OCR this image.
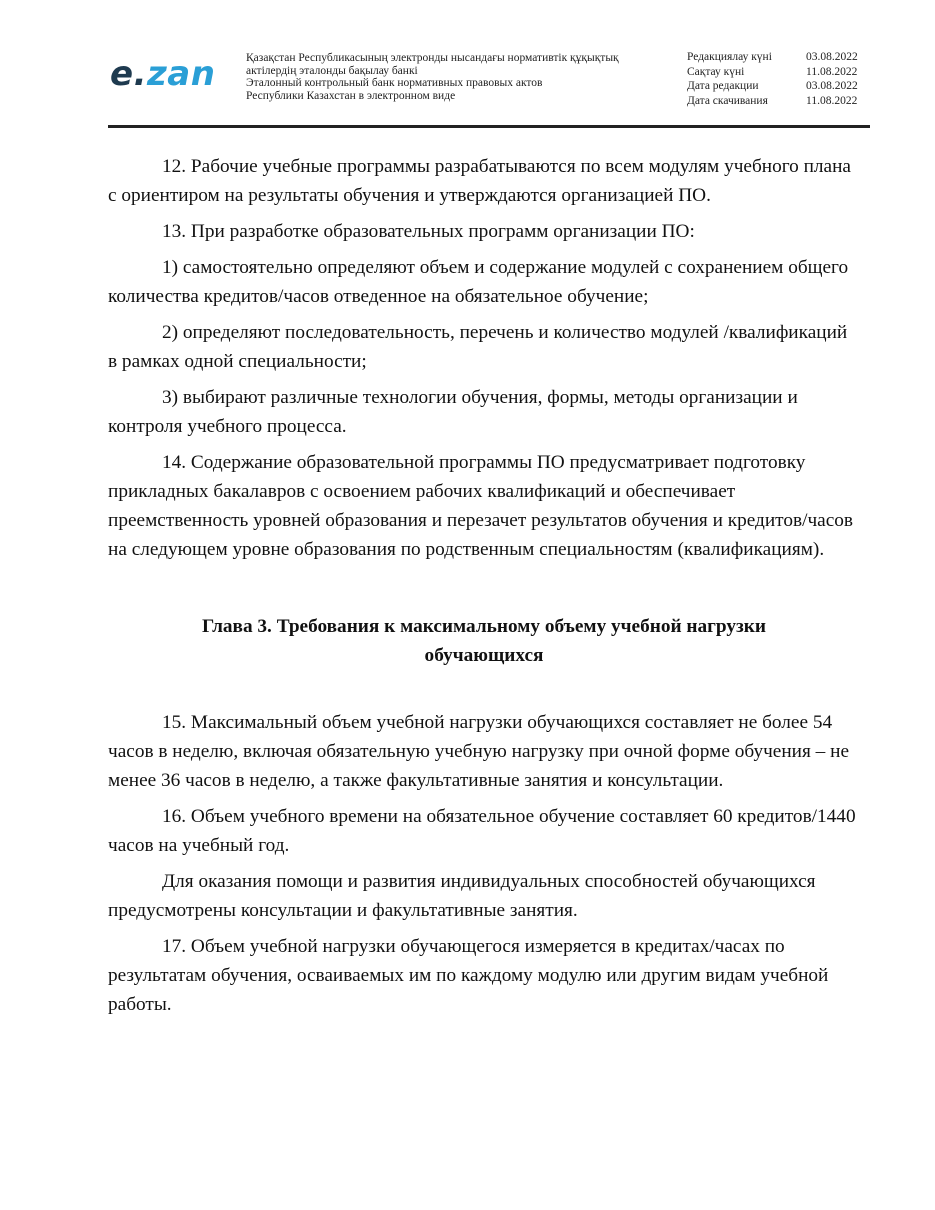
e.zan	Қазақстан Республикасының электронды нысандағы нормативтік құқықтық
актілердің эталонды бақылау банкі
Эталонный контрольный банк нормативных правовых актов
Республики Казахстан в электронном виде
Редакциялау күні	03.08.2022
Сақтау күні	11.08.2022
Дата редакции	03.08.2022
Дата скачивания	11.08.2022

12. Рабочие учебные программы разрабатываются по всем модулям учебного плана с ориентиром на результаты обучения и утверждаются организацией ПО.

13. При разработке образовательных программ организации ПО:

1) самостоятельно определяют объем и содержание модулей с сохранением общего количества кредитов/часов отведенное на обязательное обучение;

2) определяют последовательность, перечень и количество модулей /квалификаций в рамках одной специальности;

3) выбирают различные технологии обучения, формы, методы организации и контроля учебного процесса.

14. Содержание образовательной программы ПО предусматривает подготовку прикладных бакалавров с освоением рабочих квалификаций и обеспечивает преемственность уровней образования и перезачет результатов обучения и кредитов/часов на следующем уровне образования по родственным специальностям (квалификациям).

Глава 3. Требования к максимальному объему учебной нагрузки
обучающихся

15. Максимальный объем учебной нагрузки обучающихся составляет не более 54 часов в неделю, включая обязательную учебную нагрузку при очной форме обучения – не менее 36 часов в неделю, а также факультативные занятия и консультации.

16. Объем учебного времени на обязательное обучение составляет 60 кредитов/1440 часов на учебный год.

Для оказания помощи и развития индивидуальных способностей обучающихся предусмотрены консультации и факультативные занятия.

17. Объем учебной нагрузки обучающегося измеряется в кредитах/часах по результатам обучения, осваиваемых им по каждому модулю или другим видам учебной работы.
